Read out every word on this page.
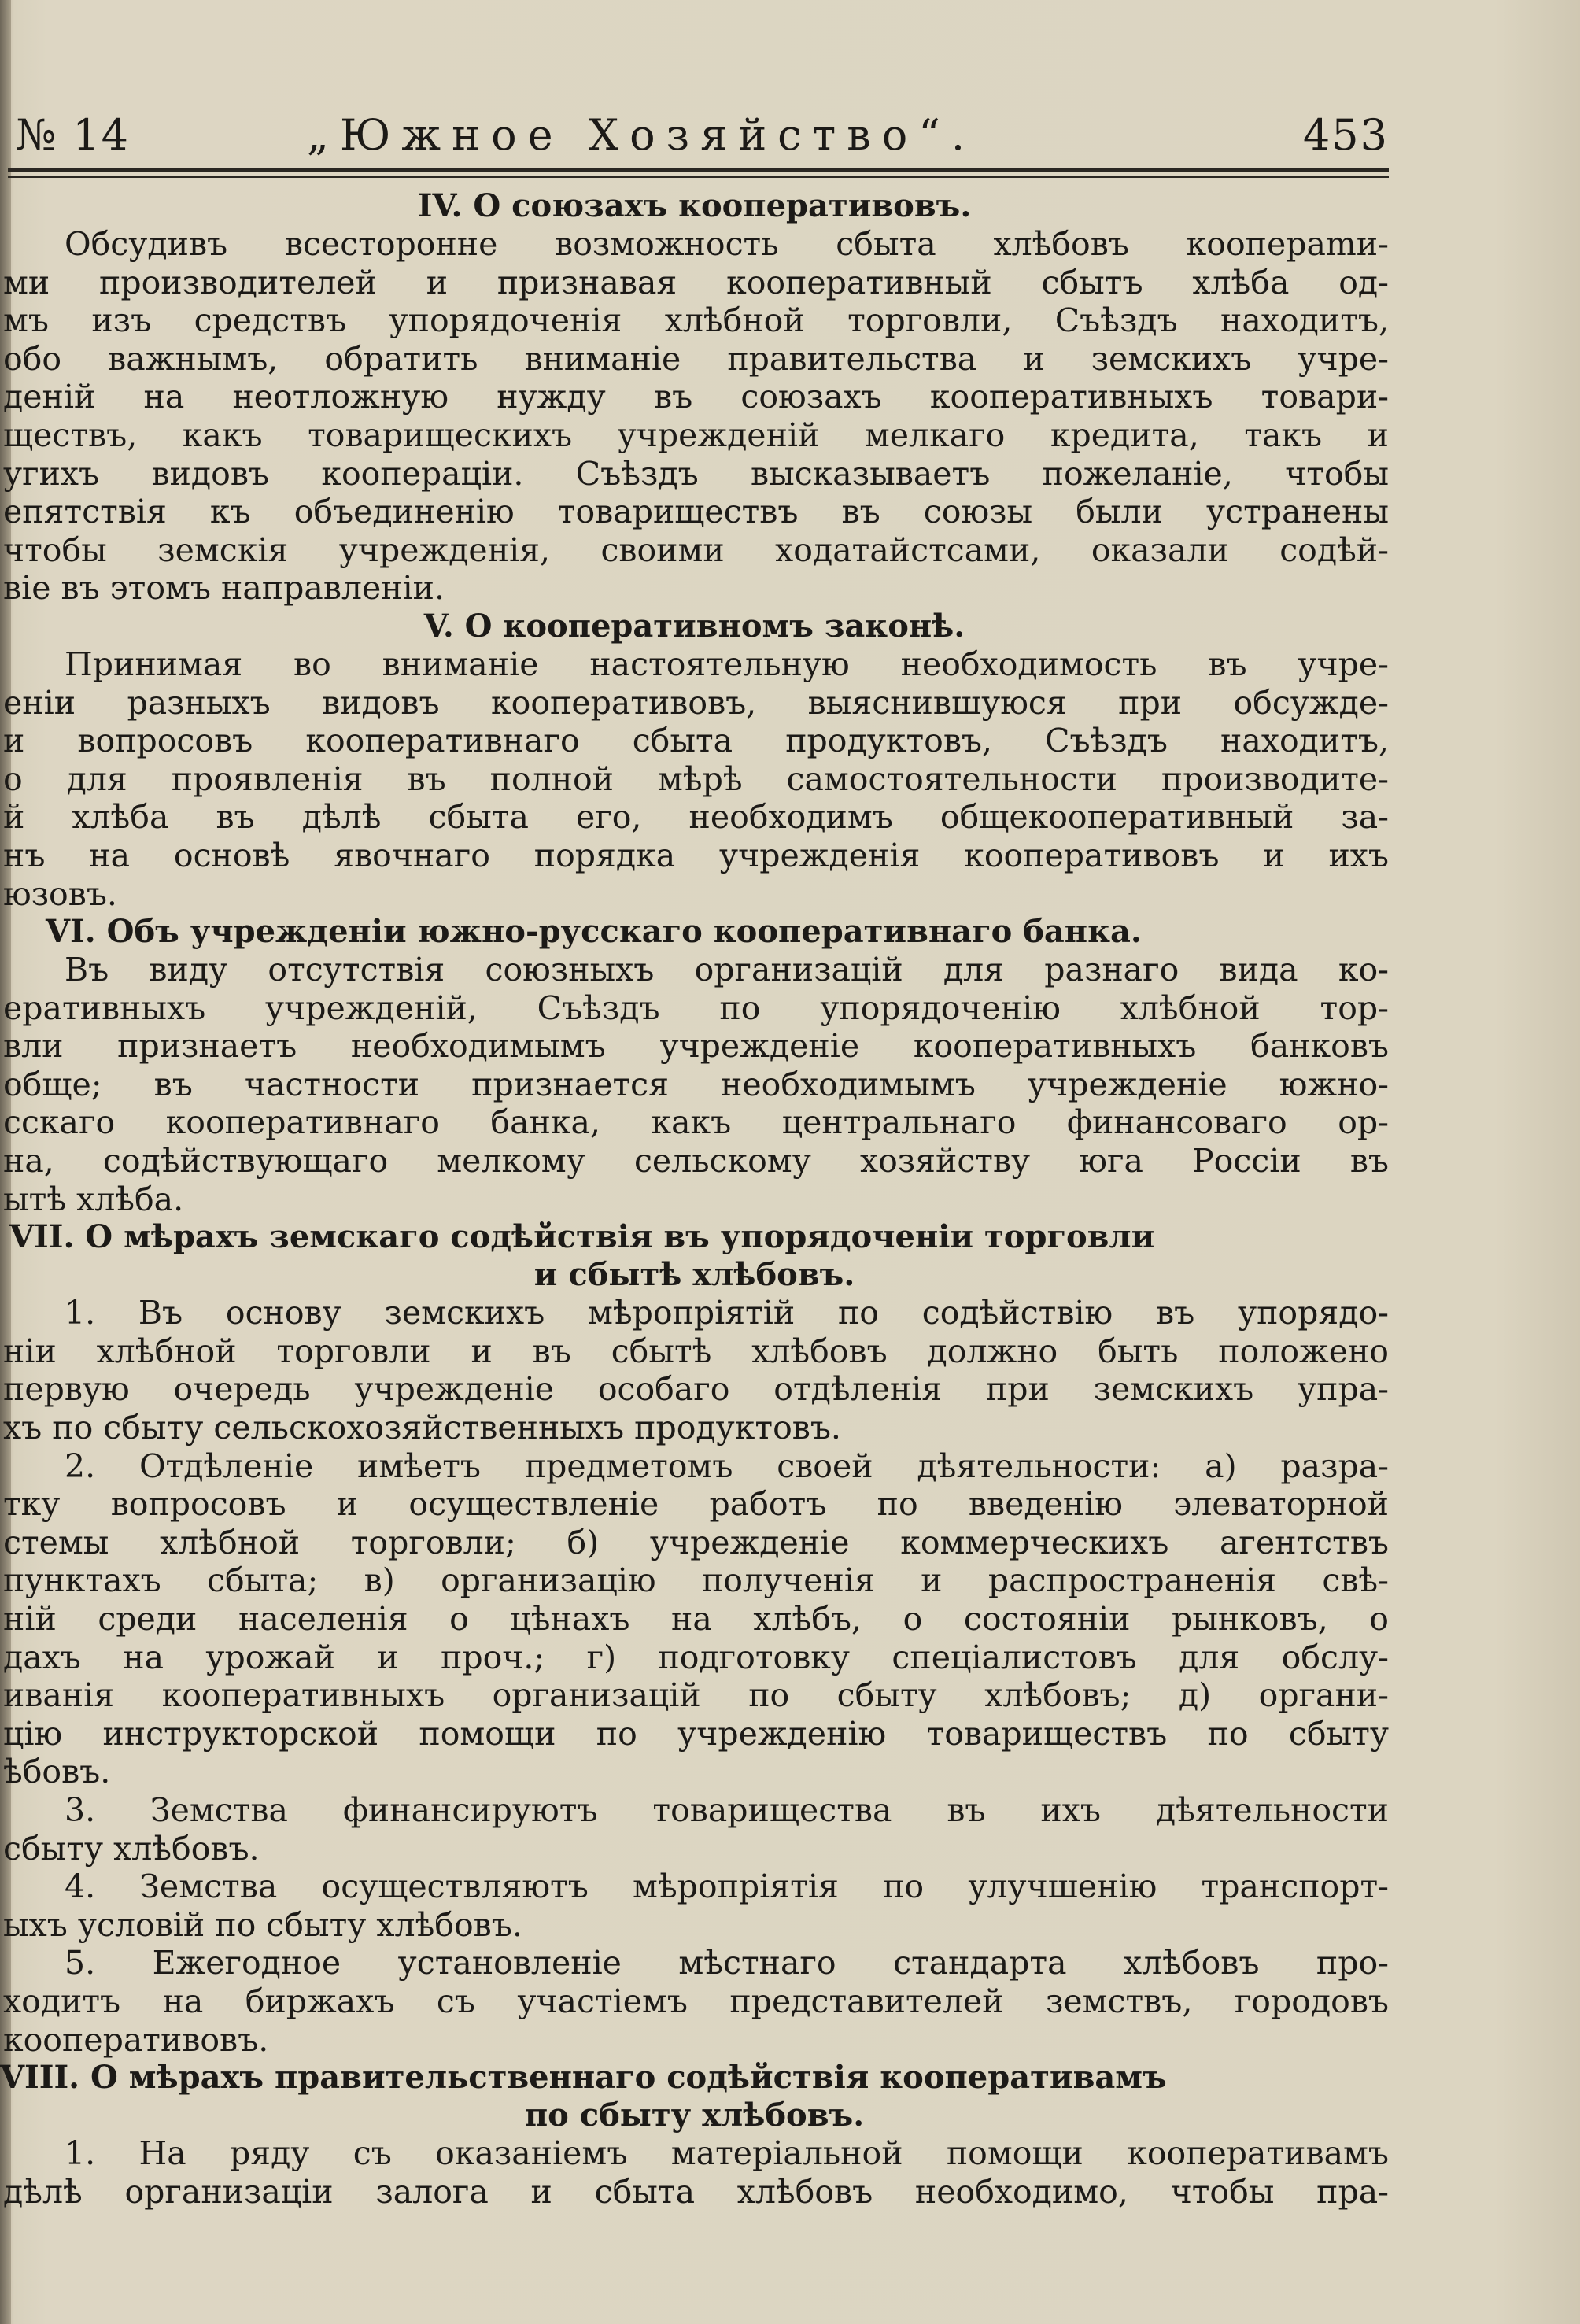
№ 14	„Южное Хозяйство“.	453
IV. О союзахъ кооперативовъ.
Обсудивъ всесторонне возможность сбыта хлѣбовъ коопераmи-
ми производителей и признавая кооперативный сбытъ хлѣба од-
мъ изъ средствъ упорядоченія хлѣбной торговли, Съѣздъ находитъ,
обо важнымъ, обратить вниманіе правительства и земскихъ учре-
деній на неотложную нужду въ союзахъ кооперативныхъ товари-
ществъ, какъ товарищескихъ учрежденій мелкаго кредита, такъ и
угихъ видовъ коопераціи. Съѣздъ высказываетъ пожеланіе, чтобы
епятствія къ объединенію товариществъ въ союзы были устранены
чтобы земскія учрежденія, своими ходатайстсами, оказали содѣй-
віе въ этомъ направленіи.
V. О кооперативномъ законѣ.
Принимая во вниманіе настоятельную необходимость въ учре-
еніи разныхъ видовъ кооперативовъ, выяснившуюся при обсужде-
и вопросовъ кооперативнаго сбыта продуктовъ, Съѣздъ находитъ,
о для проявленія въ полной мѣрѣ самостоятельности производите-
й хлѣба въ дѣлѣ сбыта его, необходимъ общекооперативный за-
нъ на основѣ явочнаго порядка учрежденія кооперативовъ и ихъ
юзовъ.
VI. Объ учрежденіи южно-русскаго кооперативнаго банка.
Въ виду отсутствія союзныхъ организацій для разнаго вида ко-
еративныхъ учрежденій, Съѣздъ по упорядоченію хлѣбной тор-
вли признаетъ необходимымъ учрежденіе кооперативныхъ банковъ
обще; въ частности признается необходимымъ учрежденіе южно-
сскаго кооперативнаго банка, какъ центральнаго финансоваго ор-
на, содѣйствующаго мелкому сельскому хозяйству юга Россіи въ
ытѣ хлѣба.
VII. О мѣрахъ земскаго содѣйствія въ упорядоченіи торговли
и сбытѣ хлѣбовъ.
1. Въ основу земскихъ мѣропріятій по содѣйствію въ упорядо-
ніи хлѣбной торговли и въ сбытѣ хлѣбовъ должно быть положено
первую очередь учрежденіе особаго отдѣленія при земскихъ упра-
хъ по сбыту сельскохозяйственныхъ продуктовъ.
2. Отдѣленіе имѣетъ предметомъ своей дѣятельности: а) разра-
тку вопросовъ и осуществленіе работъ по введенію элеваторной
стемы хлѣбной торговли; б) учрежденіе коммерческихъ агентствъ
пунктахъ сбыта; в) организацію полученія и распространенія свѣ-
ній среди населенія о цѣнахъ на хлѣбъ, о состояніи рынковъ, о
дахъ на урожай и проч.; г) подготовку спеціалистовъ для обслу-
иванія кооперативныхъ организацій по сбыту хлѣбовъ; д) органи-
цію инструкторской помощи по учрежденію товариществъ по сбыту
ѣбовъ.
3. Земства финансируютъ товарищества въ ихъ дѣятельности
сбыту хлѣбовъ.
4. Земства осуществляютъ мѣропріятія по улучшенію транспорт-
ыхъ условій по сбыту хлѣбовъ.
5. Ежегодное установленіе мѣстнаго стандарта хлѣбовъ про-
ходитъ на биржахъ съ участіемъ представителей земствъ, городовъ
кооперативовъ.
VIII. О мѣрахъ правительственнаго содѣйствія кооперативамъ
по сбыту хлѣбовъ.
1. На ряду съ оказаніемъ матеріальной помощи кооперативамъ
дѣлѣ организаціи залога и сбыта хлѣбовъ необходимо, чтобы пра-
